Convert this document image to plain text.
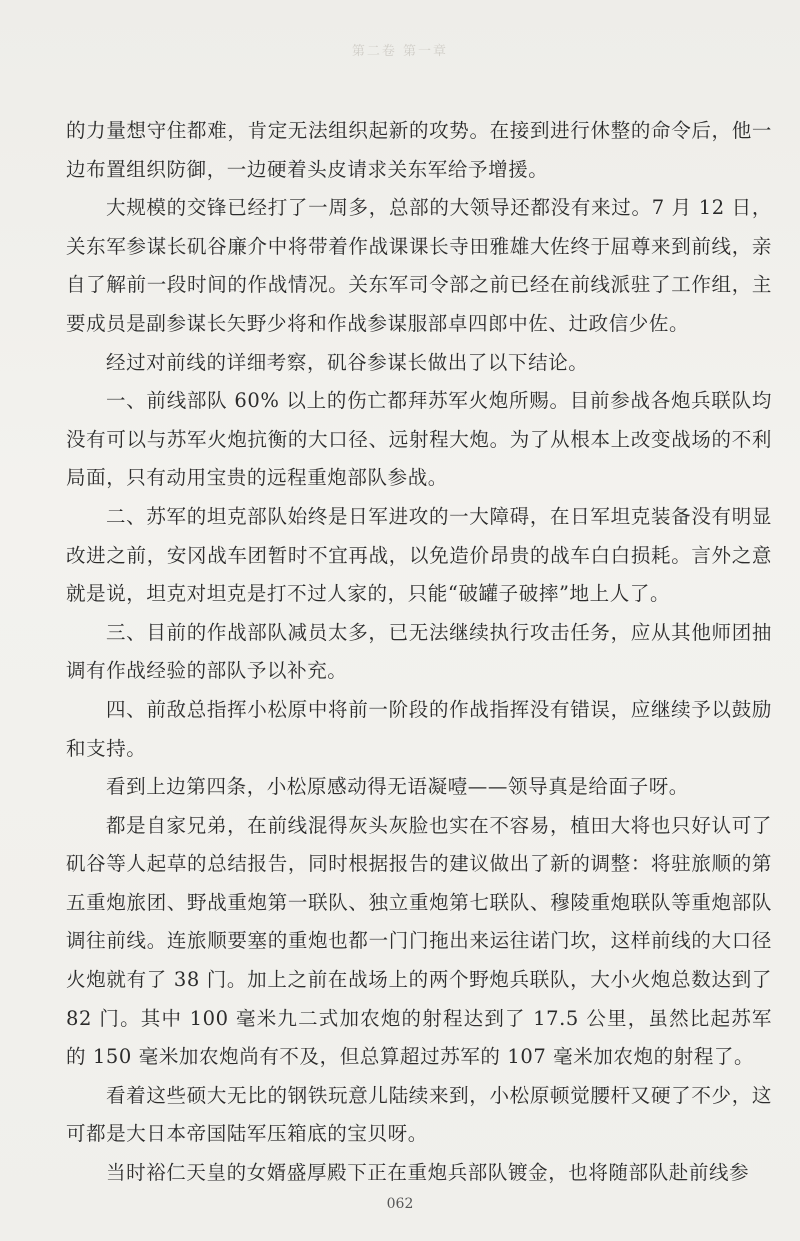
第二卷 第一章

的力量想守住都难，肯定无法组织起新的攻势。在接到进行休整的命令后，他一边布置组织防御，一边硬着头皮请求关东军给予增援。

大规模的交锋已经打了一周多，总部的大领导还都没有来过。7 月 12 日，关东军参谋长矶谷廉介中将带着作战课课长寺田雅雄大佐终于屈尊来到前线，亲自了解前一段时间的作战情况。关东军司令部之前已经在前线派驻了工作组，主要成员是副参谋长矢野少将和作战参谋服部卓四郎中佐、辻政信少佐。

经过对前线的详细考察，矶谷参谋长做出了以下结论。

一、前线部队 60% 以上的伤亡都拜苏军火炮所赐。目前参战各炮兵联队均没有可以与苏军火炮抗衡的大口径、远射程大炮。为了从根本上改变战场的不利局面，只有动用宝贵的远程重炮部队参战。

二、苏军的坦克部队始终是日军进攻的一大障碍，在日军坦克装备没有明显改进之前，安冈战车团暂时不宜再战，以免造价昂贵的战车白白损耗。言外之意就是说，坦克对坦克是打不过人家的，只能“破罐子破摔”地上人了。

三、目前的作战部队减员太多，已无法继续执行攻击任务，应从其他师团抽调有作战经验的部队予以补充。

四、前敌总指挥小松原中将前一阶段的作战指挥没有错误，应继续予以鼓励和支持。

看到上边第四条，小松原感动得无语凝噎——领导真是给面子呀。

都是自家兄弟，在前线混得灰头灰脸也实在不容易，植田大将也只好认可了矶谷等人起草的总结报告，同时根据报告的建议做出了新的调整：将驻旅顺的第五重炮旅团、野战重炮第一联队、独立重炮第七联队、穆陵重炮联队等重炮部队调往前线。连旅顺要塞的重炮也都一门门拖出来运往诺门坎，这样前线的大口径火炮就有了 38 门。加上之前在战场上的两个野炮兵联队，大小火炮总数达到了 82 门。其中 100 毫米九二式加农炮的射程达到了 17.5 公里，虽然比起苏军的 150 毫米加农炮尚有不及，但总算超过苏军的 107 毫米加农炮的射程了。

看着这些硕大无比的钢铁玩意儿陆续来到，小松原顿觉腰杆又硬了不少，这可都是大日本帝国陆军压箱底的宝贝呀。

当时裕仁天皇的女婿盛厚殿下正在重炮兵部队镀金，也将随部队赴前线参

062
